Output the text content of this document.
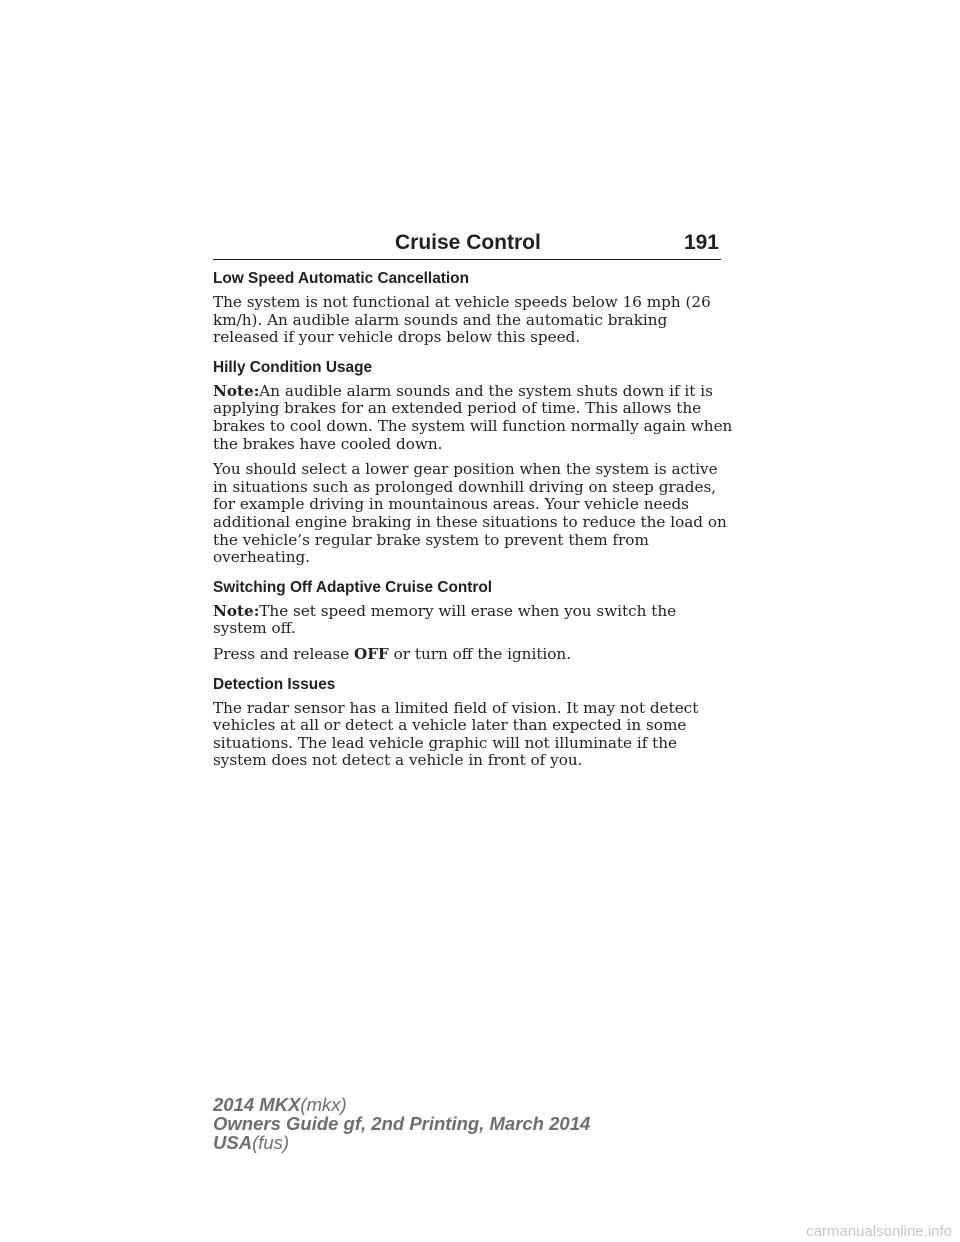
Cruise Control	191
Low Speed Automatic Cancellation

The system is not functional at vehicle speeds below 16 mph (26 km/h). An audible alarm sounds and the automatic braking released if your vehicle drops below this speed.

Hilly Condition Usage

Note:An audible alarm sounds and the system shuts down if it is applying brakes for an extended period of time. This allows the brakes to cool down. The system will function normally again when the brakes have cooled down.

You should select a lower gear position when the system is active in situations such as prolonged downhill driving on steep grades, for example driving in mountainous areas. Your vehicle needs additional engine braking in these situations to reduce the load on the vehicle’s regular brake system to prevent them from overheating.

Switching Off Adaptive Cruise Control

Note:The set speed memory will erase when you switch the system off.

Press and release OFF or turn off the ignition.

Detection Issues

The radar sensor has a limited field of vision. It may not detect vehicles at all or detect a vehicle later than expected in some situations. The lead vehicle graphic will not illuminate if the system does not detect a vehicle in front of you.

2014 MKX(mkx)
Owners Guide gf, 2nd Printing, March 2014
USA(fus)
carmanualsonline.info
